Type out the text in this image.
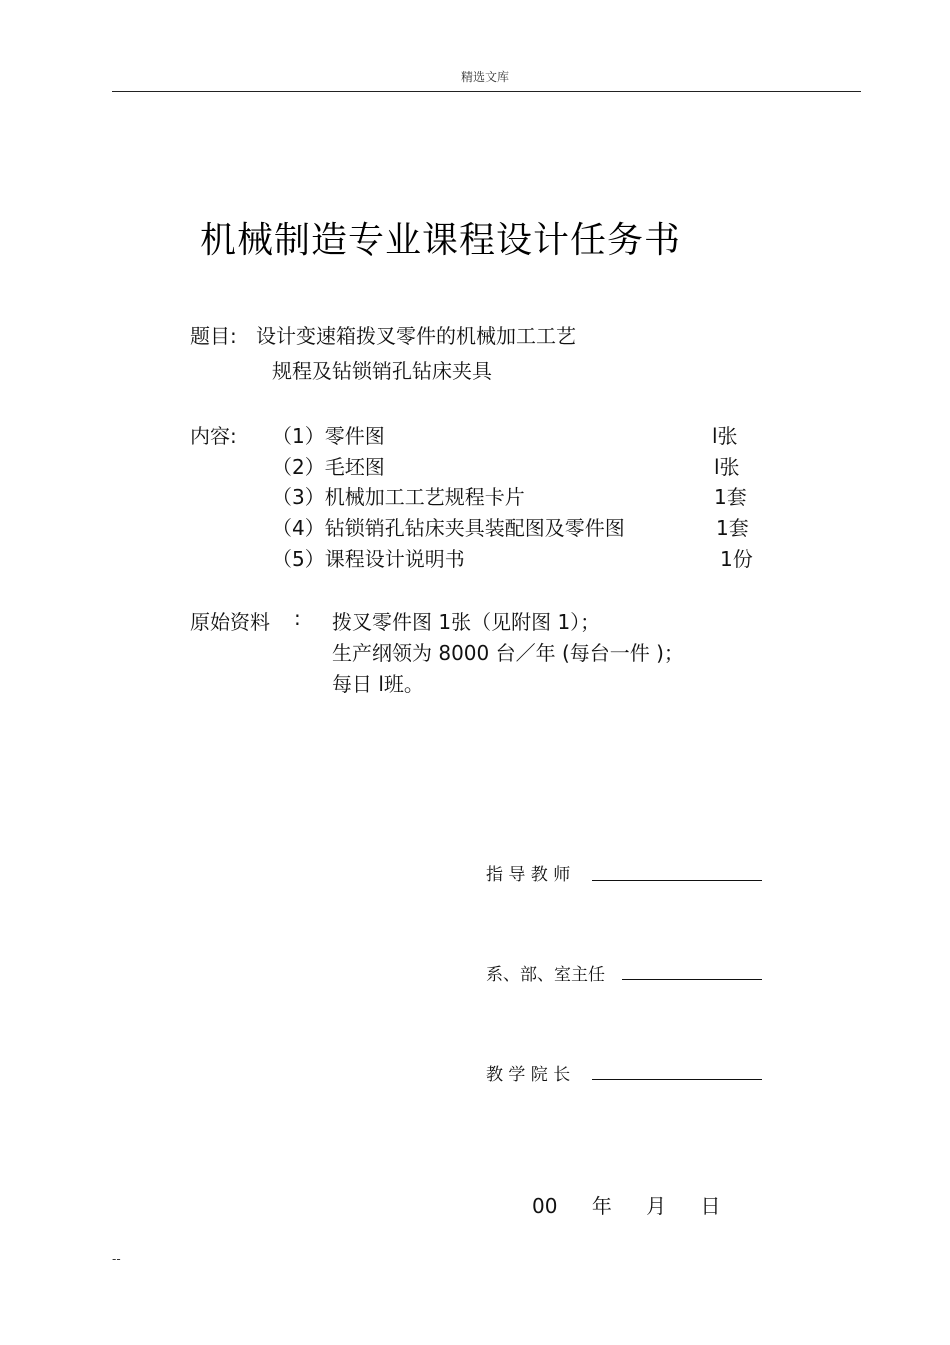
精选文库
机械制造专业课程设计任务书
题目: 设计变速箱拨叉零件的机械加工工艺
规程及钻锁销孔钻床夹具
内容: （1）零件图	l张
（2）毛坯图	l张
（3）机械加工工艺规程卡片	1套
（4）钻锁销孔钻床夹具装配图及零件图	1套
（5）课程设计说明书	1份
原始资料 : 拨叉零件图 1张（见附图 1）；
生产纲领为 8000 台／年 (每台一件 )；
每日 l班。
指 导 教 师
系、部、室主任
教 学 院 长
00 年 月 日
--
